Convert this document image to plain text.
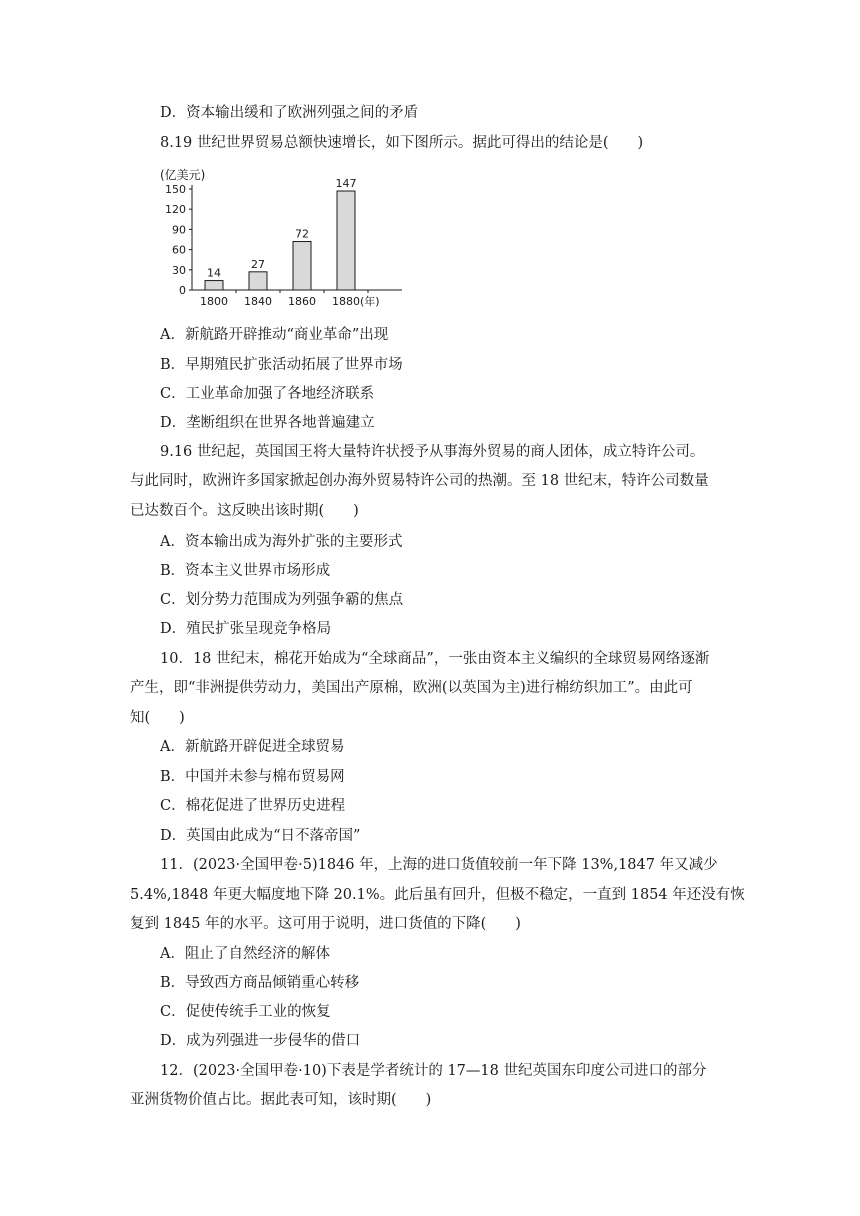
D．资本输出缓和了欧洲列强之间的矛盾

8.19 世纪世界贸易总额快速增长，如下图所示。据此可得出的结论是(　　)

(亿美元)
0
30
60
90
120
150
14
1800
27
1840
72
1860
147
1880 (年)

A．新航路开辟推动“商业革命”出现

B．早期殖民扩张活动拓展了世界市场

C．工业革命加强了各地经济联系

D．垄断组织在世界各地普遍建立

9.16 世纪起，英国国王将大量特许状授予从事海外贸易的商人团体，成立特许公司。

与此同时，欧洲许多国家掀起创办海外贸易特许公司的热潮。至 18 世纪末，特许公司数量

已达数百个。这反映出该时期(　　)

A．资本输出成为海外扩张的主要形式

B．资本主义世界市场形成

C．划分势力范围成为列强争霸的焦点

D．殖民扩张呈现竞争格局

10．18 世纪末，棉花开始成为“全球商品”，一张由资本主义编织的全球贸易网络逐渐

产生，即“非洲提供劳动力，美国出产原棉，欧洲(以英国为主)进行棉纺织加工”。由此可

知(　　)

A．新航路开辟促进全球贸易

B．中国并未参与棉布贸易网

C．棉花促进了世界历史进程

D．英国由此成为“日不落帝国”

11．(2023·全国甲卷·5)1846 年，上海的进口货值较前一年下降 13%,1847 年又减少

5.4%,1848 年更大幅度地下降 20.1%。此后虽有回升，但极不稳定，一直到 1854 年还没有恢

复到 1845 年的水平。这可用于说明，进口货值的下降(　　)

A．阻止了自然经济的解体

B．导致西方商品倾销重心转移

C．促使传统手工业的恢复

D．成为列强进一步侵华的借口

12．(2023·全国甲卷·10)下表是学者统计的 17—18 世纪英国东印度公司进口的部分

亚洲货物价值占比。据此表可知，该时期(　　)
